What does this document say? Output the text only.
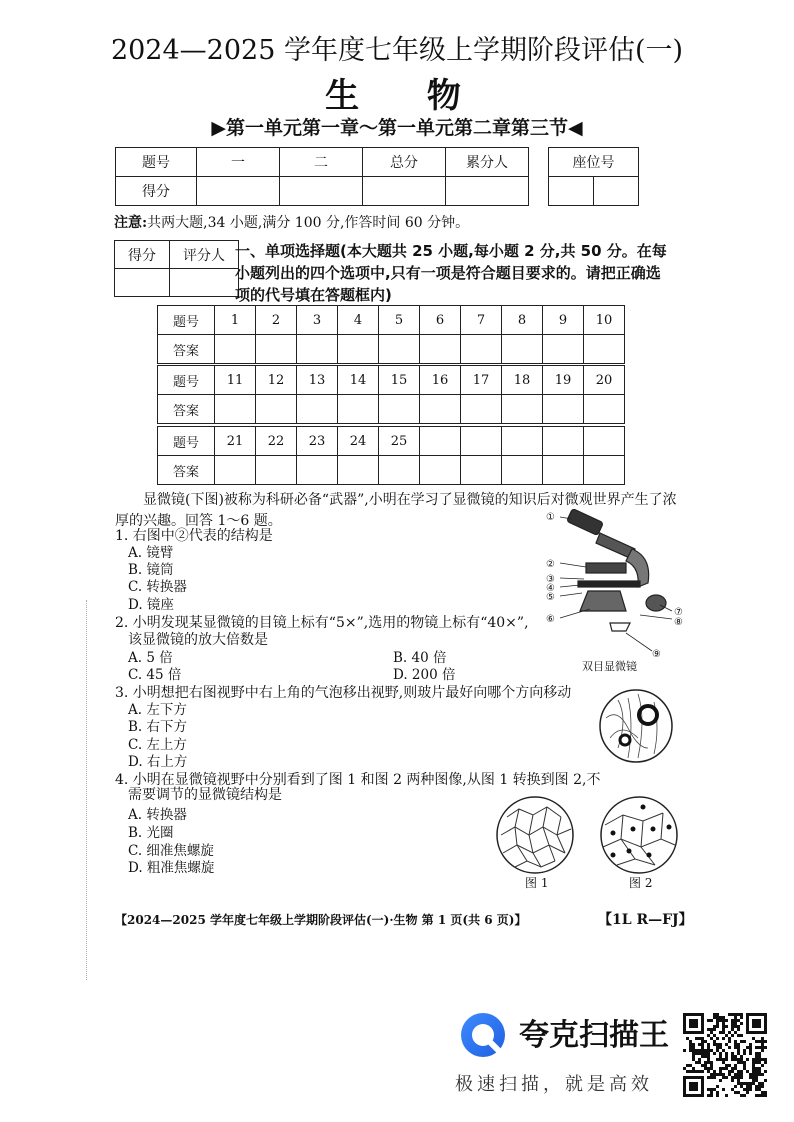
2024—2025 学年度七年级上学期阶段评估(一)
生 物
▶第一单元第一章～第一单元第二章第三节◀
题号	一	二	总分	累分人
得分				
座位号

注意:共两大题,34 小题,满分 100 分,作答时间 60 分钟。
得分	评分人
	一、单项选择题(本大题共 25 小题,每小题 2 分,共 50 分。在每小题列出的四个选项中,只有一项是符合题目要求的。请把正确选项的代号填在答题框内)
题号	1	2	3	4	5	6	7	8	9	10
答案										
题号	11	12	13	14	15	16	17	18	19	20
答案										
题号	21	22	23	24	25					
答案										
显微镜(下图)被称为科研必备“武器”,小明在学习了显微镜的知识后对微观世界产生了浓厚的兴趣。回答 1～6 题。
1. 右图中②代表的结构是
A. 镜臂
B. 镜筒
C. 转换器
D. 镜座
2. 小明发现某显微镜的目镜上标有“5×”,选用的物镜上标有“40×”,
该显微镜的放大倍数是
A. 5 倍	B. 40 倍
C. 45 倍	D. 200 倍
3. 小明想把右图视野中右上角的气泡移出视野,则玻片最好向哪个方向移动
A. 左下方
B. 右下方
C. 左上方
D. 右上方
4. 小明在显微镜视野中分别看到了图 1 和图 2 两种图像,从图 1 转换到图 2,不
需要调节的显微镜结构是
A. 转换器
B. 光圈
C. 细准焦螺旋
D. 粗准焦螺旋
①
②
③
④
⑤
⑥
⑦
⑧
⑨
双目显微镜
图 1	图 2
【2024—2025 学年度七年级上学期阶段评估(一)·生物 第 1 页(共 6 页)】	【1L R—FJ】
夸克扫描王
极速扫描，就是高效
